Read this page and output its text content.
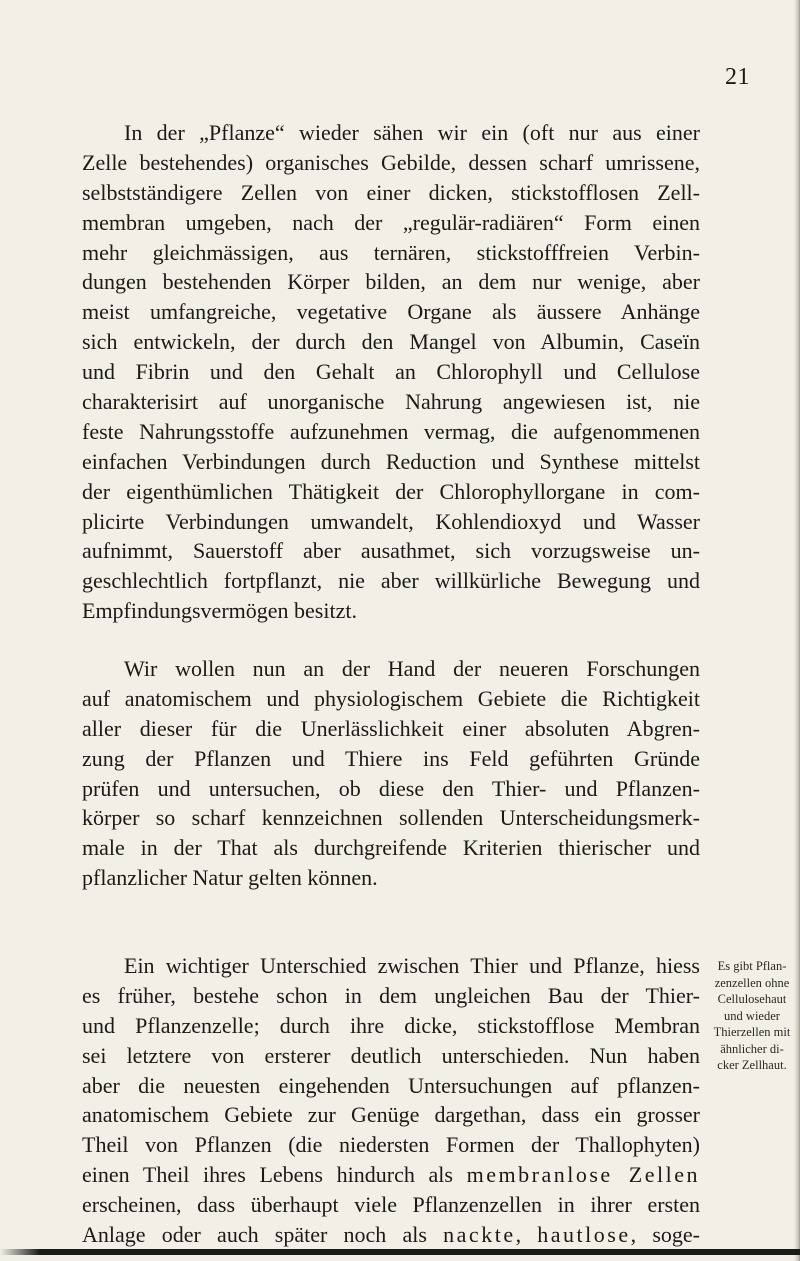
21
In der „Pflanze“ wieder sähen wir ein (oft nur aus einer
Zelle bestehendes) organisches Gebilde, dessen scharf umrissene,
selbstständigere Zellen von einer dicken, stickstofflosen Zell-
membran umgeben, nach der „regulär-radiären“ Form einen
mehr gleichmässigen, aus ternären, stickstofffreien Verbin-
dungen bestehenden Körper bilden, an dem nur wenige, aber
meist umfangreiche, vegetative Organe als äussere Anhänge
sich entwickeln, der durch den Mangel von Albumin, Caseïn
und Fibrin und den Gehalt an Chlorophyll und Cellulose
charakterisirt auf unorganische Nahrung angewiesen ist, nie
feste Nahrungsstoffe aufzunehmen vermag, die aufgenommenen
einfachen Verbindungen durch Reduction und Synthese mittelst
der eigenthümlichen Thätigkeit der Chlorophyllorgane in com-
plicirte Verbindungen umwandelt, Kohlendioxyd und Wasser
aufnimmt, Sauerstoff aber ausathmet, sich vorzugsweise un-
geschlechtlich fortpflanzt, nie aber willkürliche Bewegung und
Empfindungsvermögen besitzt.
Wir wollen nun an der Hand der neueren Forschungen
auf anatomischem und physiologischem Gebiete die Richtigkeit
aller dieser für die Unerlässlichkeit einer absoluten Abgren-
zung der Pflanzen und Thiere ins Feld geführten Gründe
prüfen und untersuchen, ob diese den Thier- und Pflanzen-
körper so scharf kennzeichnen sollenden Unterscheidungsmerk-
male in der That als durchgreifende Kriterien thierischer und
pflanzlicher Natur gelten können.
Ein wichtiger Unterschied zwischen Thier und Pflanze, hiess
es früher, bestehe schon in dem ungleichen Bau der Thier-
und Pflanzenzelle; durch ihre dicke, stickstofflose Membran
sei letztere von ersterer deutlich unterschieden. Nun haben
aber die neuesten eingehenden Untersuchungen auf pflanzen-
anatomischem Gebiete zur Genüge dargethan, dass ein grosser
Theil von Pflanzen (die niedersten Formen der Thallophyten)
einen Theil ihres Lebens hindurch als membranlose Zellen
erscheinen, dass überhaupt viele Pflanzenzellen in ihrer ersten
Anlage oder auch später noch als nackte, hautlose, soge-
Es gibt Pflan-
zenzellen ohne
Cellulosehaut
und wieder
Thierzellen mit
ähnlicher di-
cker Zellhaut.
